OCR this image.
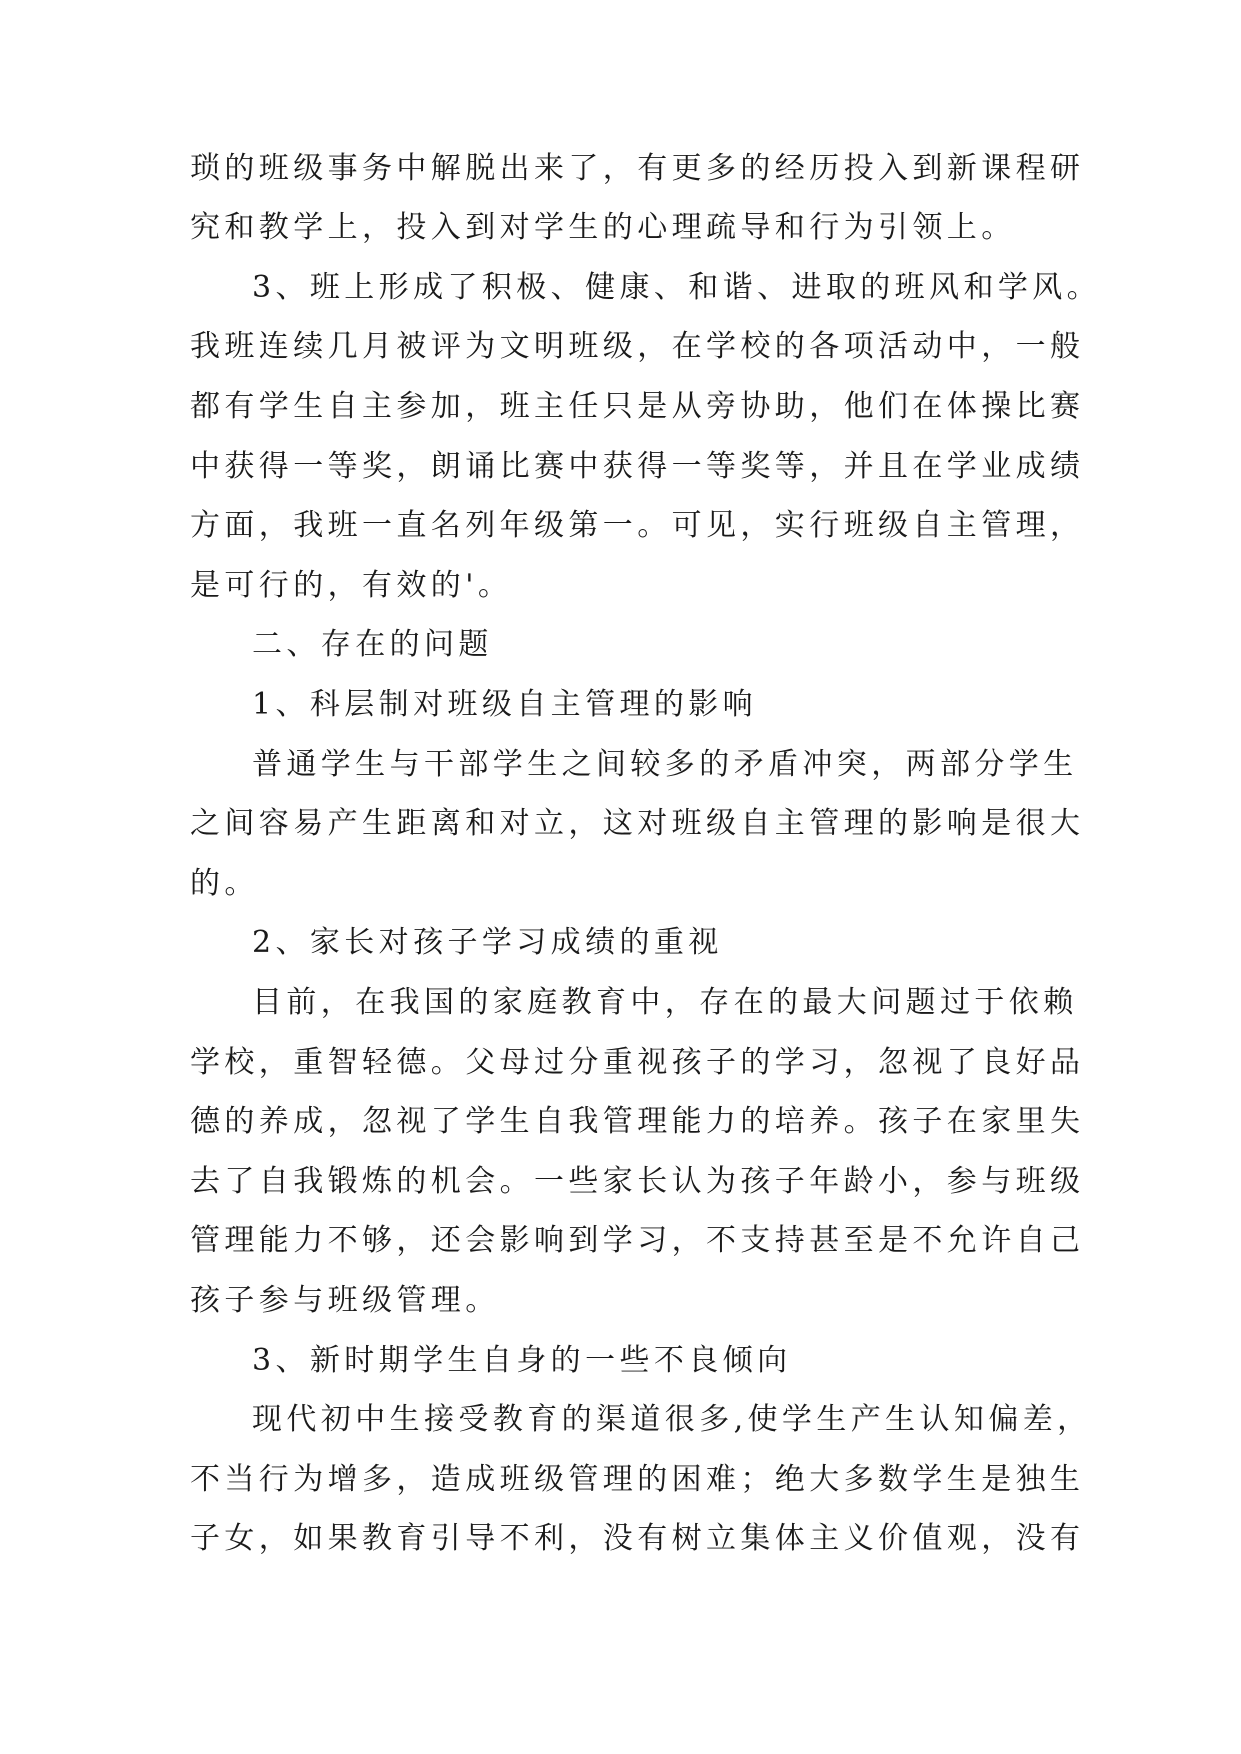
琐的班级事务中解脱出来了，有更多的经历投入到新课程研
究和教学上，投入到对学生的心理疏导和行为引领上。
3、班上形成了积极、健康、和谐、进取的班风和学风。
我班连续几月被评为文明班级，在学校的各项活动中，一般
都有学生自主参加，班主任只是从旁协助，他们在体操比赛
中获得一等奖，朗诵比赛中获得一等奖等，并且在学业成绩
方面，我班一直名列年级第一。可见，实行班级自主管理，
是可行的，有效的'。
二、存在的问题
1、科层制对班级自主管理的影响
普通学生与干部学生之间较多的矛盾冲突，两部分学生
之间容易产生距离和对立，这对班级自主管理的影响是很大
的。
2、家长对孩子学习成绩的重视
目前，在我国的家庭教育中，存在的最大问题过于依赖
学校，重智轻德。父母过分重视孩子的学习，忽视了良好品
德的养成，忽视了学生自我管理能力的培养。孩子在家里失
去了自我锻炼的机会。一些家长认为孩子年龄小，参与班级
管理能力不够，还会影响到学习，不支持甚至是不允许自己
孩子参与班级管理。
3、新时期学生自身的一些不良倾向
现代初中生接受教育的渠道很多,使学生产生认知偏差，
不当行为增多，造成班级管理的困难；绝大多数学生是独生
子女，如果教育引导不利，没有树立集体主义价值观，没有
